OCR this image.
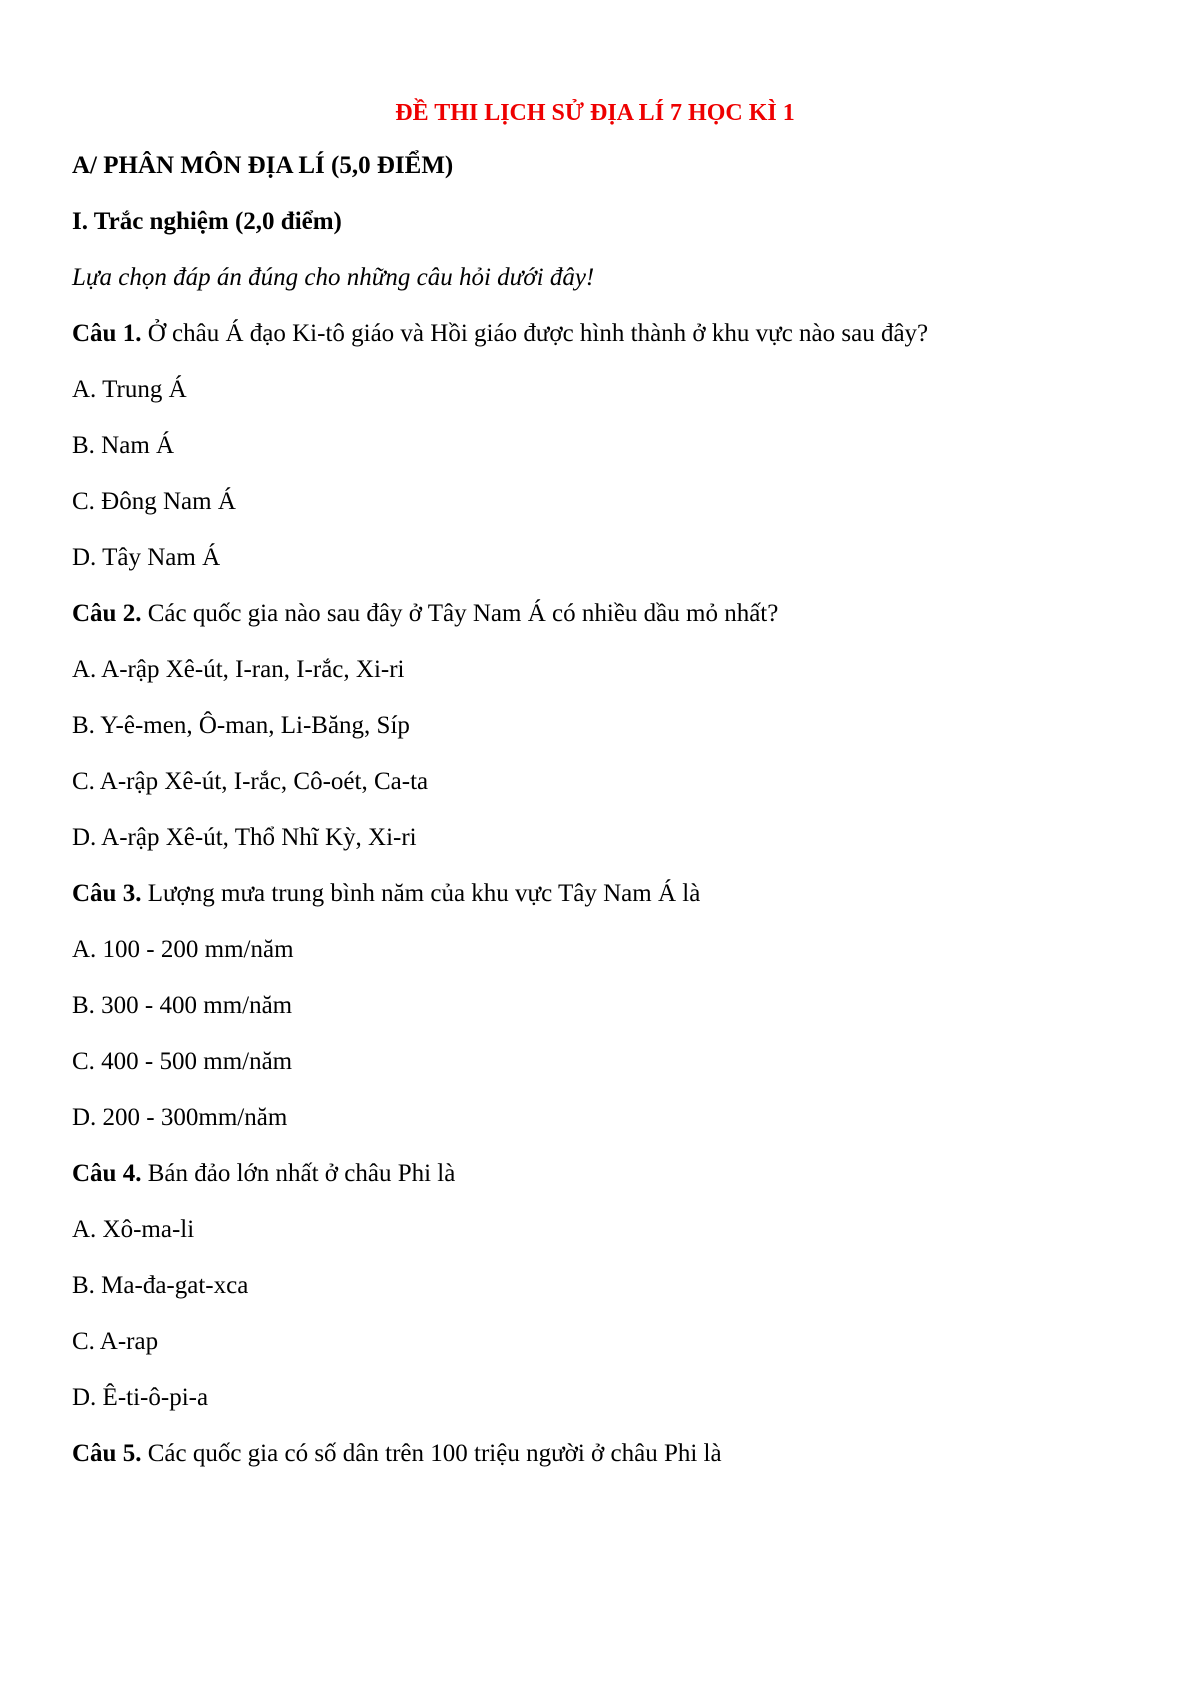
ĐỀ THI LỊCH SỬ ĐỊA LÍ 7 HỌC KÌ 1

A/ PHÂN MÔN ĐỊA LÍ (5,0 ĐIỂM)

I. Trắc nghiệm (2,0 điểm)

Lựa chọn đáp án đúng cho những câu hỏi dưới đây!

Câu 1. Ở châu Á đạo Ki-tô giáo và Hồi giáo được hình thành ở khu vực nào sau đây?

A. Trung Á

B. Nam Á

C. Đông Nam Á

D. Tây Nam Á

Câu 2. Các quốc gia nào sau đây ở Tây Nam Á có nhiều dầu mỏ nhất?

A. A-rập Xê-út, I-ran, I-rắc, Xi-ri

B. Y-ê-men, Ô-man, Li-Băng, Síp

C. A-rập Xê-út, I-rắc, Cô-oét, Ca-ta

D. A-rập Xê-út, Thổ Nhĩ Kỳ, Xi-ri

Câu 3. Lượng mưa trung bình năm của khu vực Tây Nam Á là

A. 100 - 200 mm/năm

B. 300 - 400 mm/năm

C. 400 - 500 mm/năm

D. 200 - 300mm/năm

Câu 4. Bán đảo lớn nhất ở châu Phi là

A. Xô-ma-li

B. Ma-đa-gat-xca

C. A-rap

D. Ê-ti-ô-pi-a

Câu 5. Các quốc gia có số dân trên 100 triệu người ở châu Phi là
